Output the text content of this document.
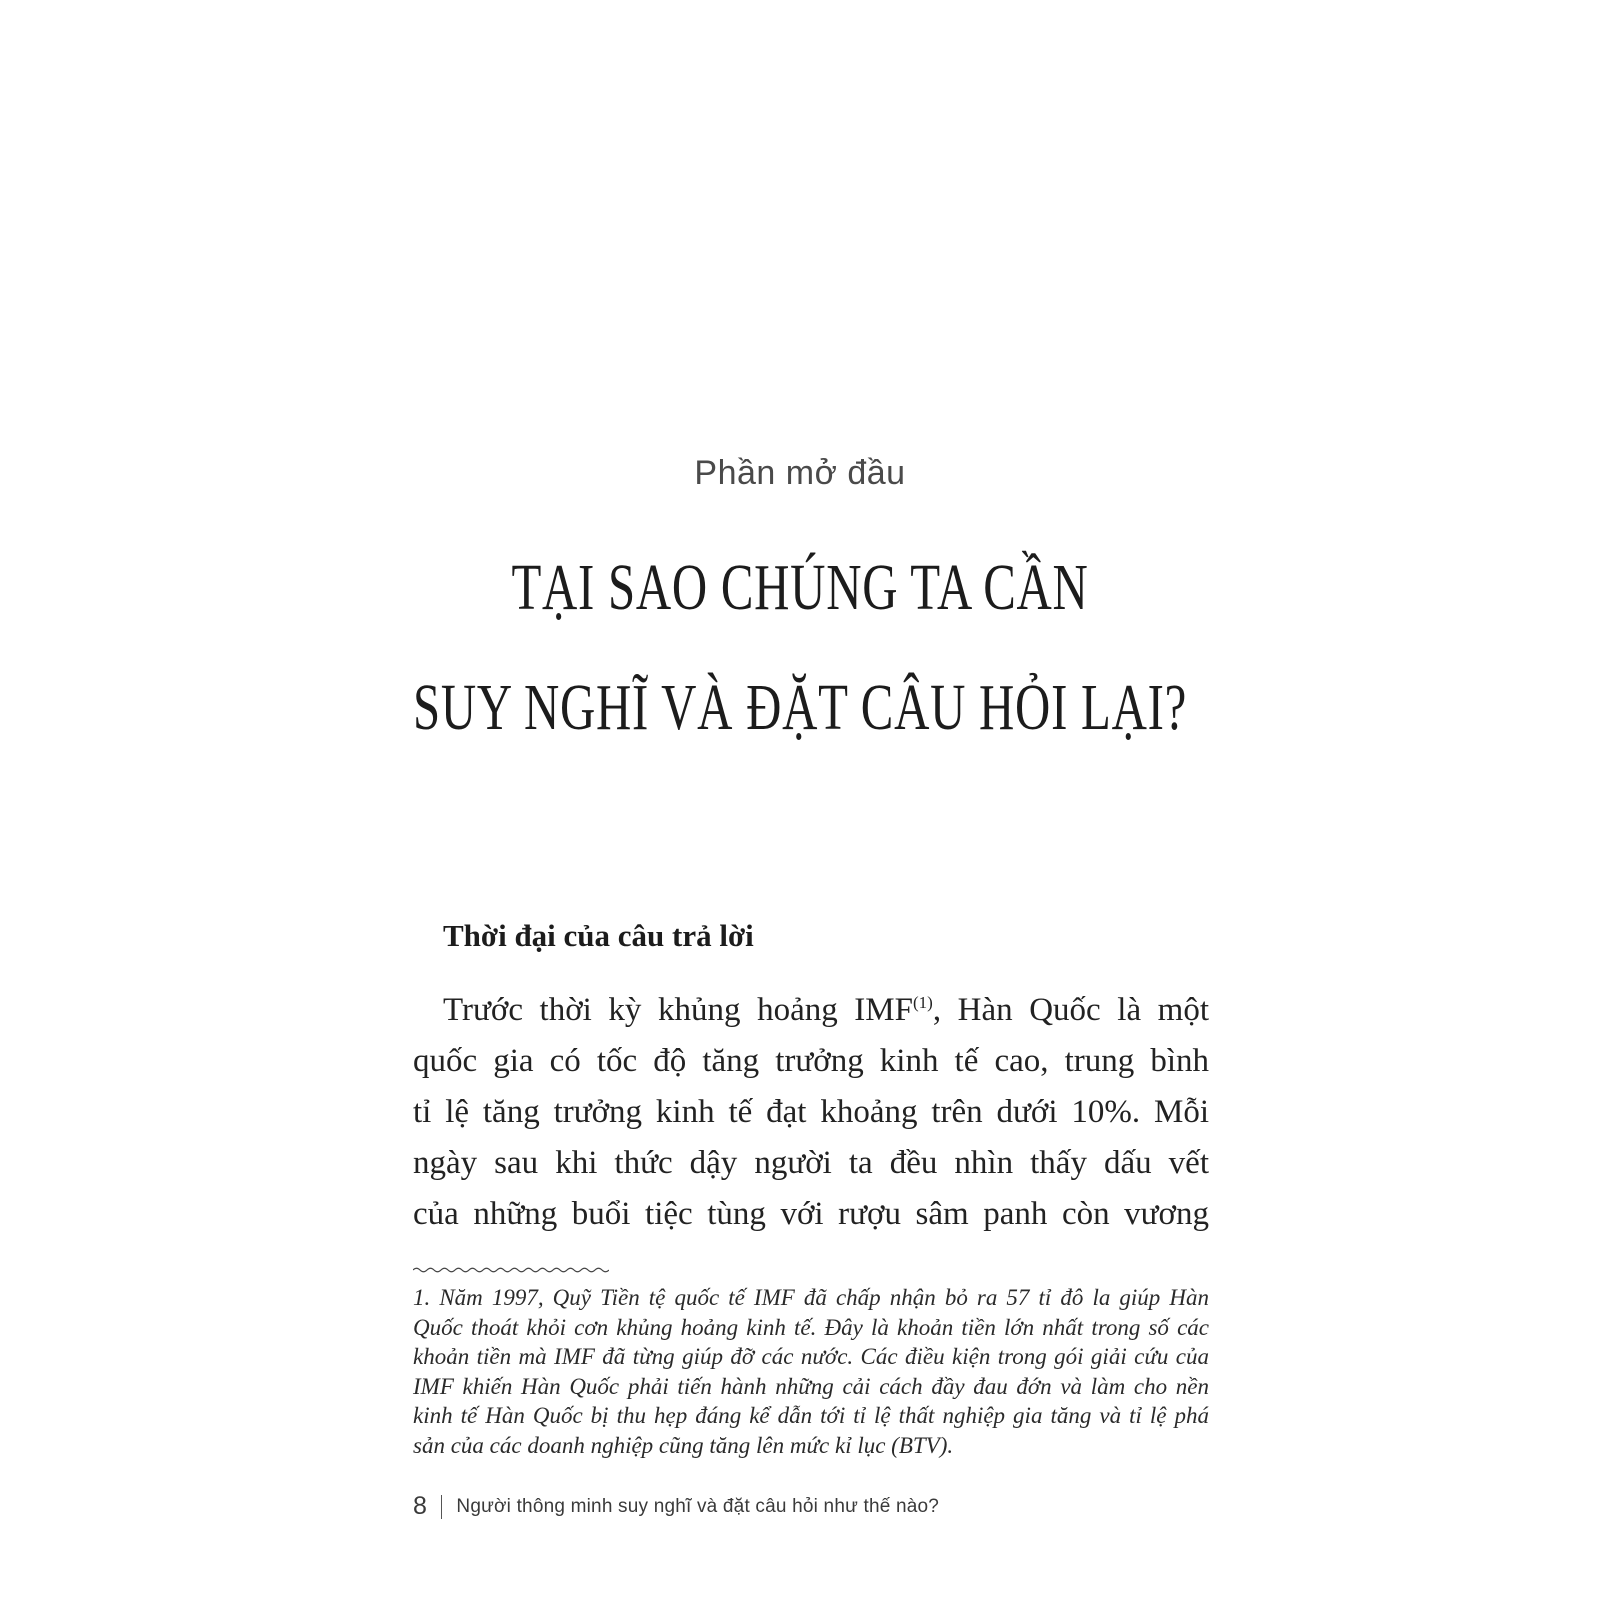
Phần mở đầu
TẠI SAO CHÚNG TA CẦN
SUY NGHĨ VÀ ĐẶT CÂU HỎI LẠI?
Thời đại của câu trả lời
Trước thời kỳ khủng hoảng IMF$^{(1)}$, Hàn Quốc là một
quốc gia có tốc độ tăng trưởng kinh tế cao, trung bình
tỉ lệ tăng trưởng kinh tế đạt khoảng trên dưới 10%. Mỗi
ngày sau khi thức dậy người ta đều nhìn thấy dấu vết
của những buổi tiệc tùng với rượu sâm panh còn vương
1. Năm 1997, Quỹ Tiền tệ quốc tế IMF đã chấp nhận bỏ ra 57 tỉ đô la giúp Hàn
Quốc thoát khỏi cơn khủng hoảng kinh tế. Đây là khoản tiền lớn nhất trong số các
khoản tiền mà IMF đã từng giúp đỡ các nước. Các điều kiện trong gói giải cứu của
IMF khiến Hàn Quốc phải tiến hành những cải cách đầy đau đớn và làm cho nền
kinh tế Hàn Quốc bị thu hẹp đáng kể dẫn tới tỉ lệ thất nghiệp gia tăng và tỉ lệ phá
sản của các doanh nghiệp cũng tăng lên mức kỉ lục (BTV).
8 Người thông minh suy nghĩ và đặt câu hỏi như thế nào?
